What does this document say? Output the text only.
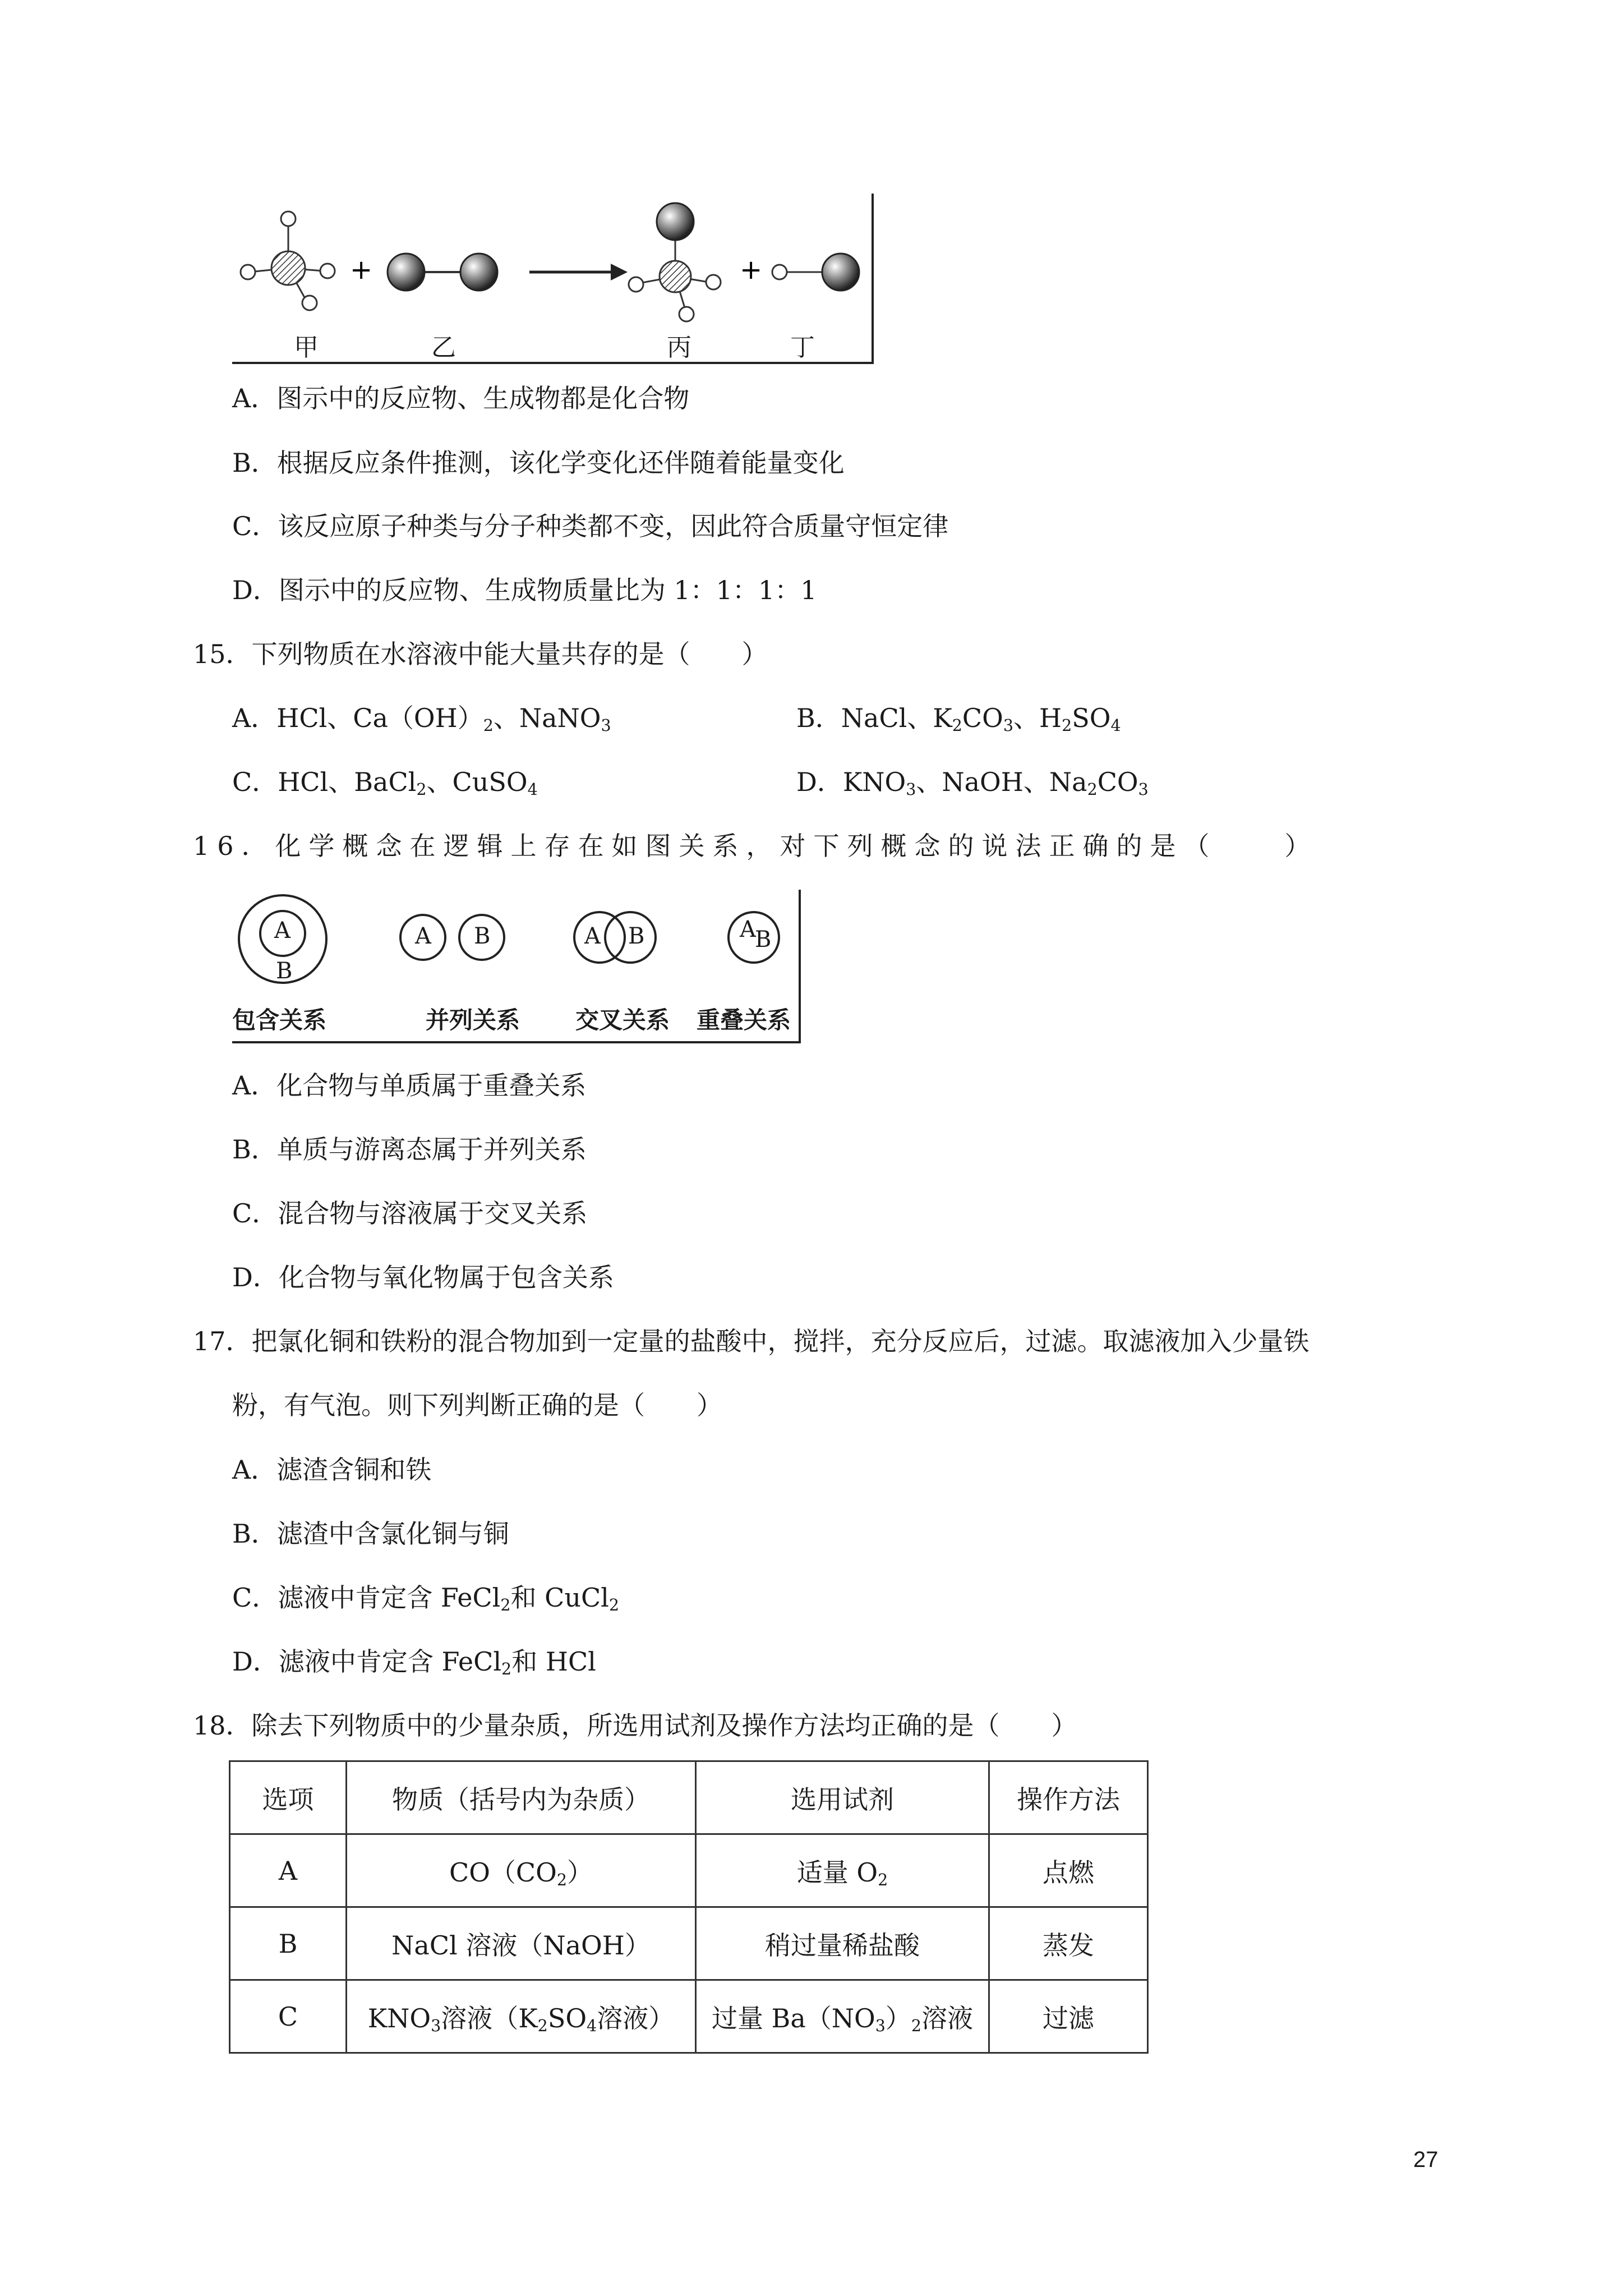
+	+
甲	乙	丙	丁
A．图示中的反应物、生成物都是化合物
B．根据反应条件推测，该化学变化还伴随着能量变化
C．该反应原子种类与分子种类都不变，因此符合质量守恒定律
D．图示中的反应物、生成物质量比为 1：1：1：1
15．下列物质在水溶液中能大量共存的是（　　）
A．HCl、$Ca(OH)_2$、NaNO$_3$	B．NaCl、$K_2CO_3$、$H_2SO_4$
C．HCl、BaCl$_2$、CuSO$_4$	D．$KNO_3$、NaOH、$Na_2CO_3$
16．化学概念在逻辑上存在如图关系，对下列概念的说法正确的是（　　）
A
B
A B	A B	A
B
包含关系	并列关系 交叉关系 重叠关系
A．化合物与单质属于重叠关系
B．单质与游离态属于并列关系
C．混合物与溶液属于交叉关系
D．化合物与氧化物属于包含关系
17．把氯化铜和铁粉的混合物加到一定量的盐酸中，搅拌，充分反应后，过滤。取滤液加入少量铁
粉，有气泡。则下列判断正确的是（　　）
A．滤渣含铜和铁
B．滤渣中含氯化铜与铜
C．滤液中肯定含 FeCl$_2$和 CuCl$_2$
D．滤液中肯定含 FeCl$_2$和 HCl
18．除去下列物质中的少量杂质，所选用试剂及操作方法均正确的是（　　）
选项	物质（括号内为杂质）	选用试剂	操作方法
A	$CO(CO_2)$	适量 $O_2$	点燃
B	NaCl 溶液（NaOH）	稍过量稀盐酸	蒸发
C	$KNO_3$溶液（$K_2SO_4$溶液）	过量 $Ba(NO_3)_2$溶液	过滤
27
